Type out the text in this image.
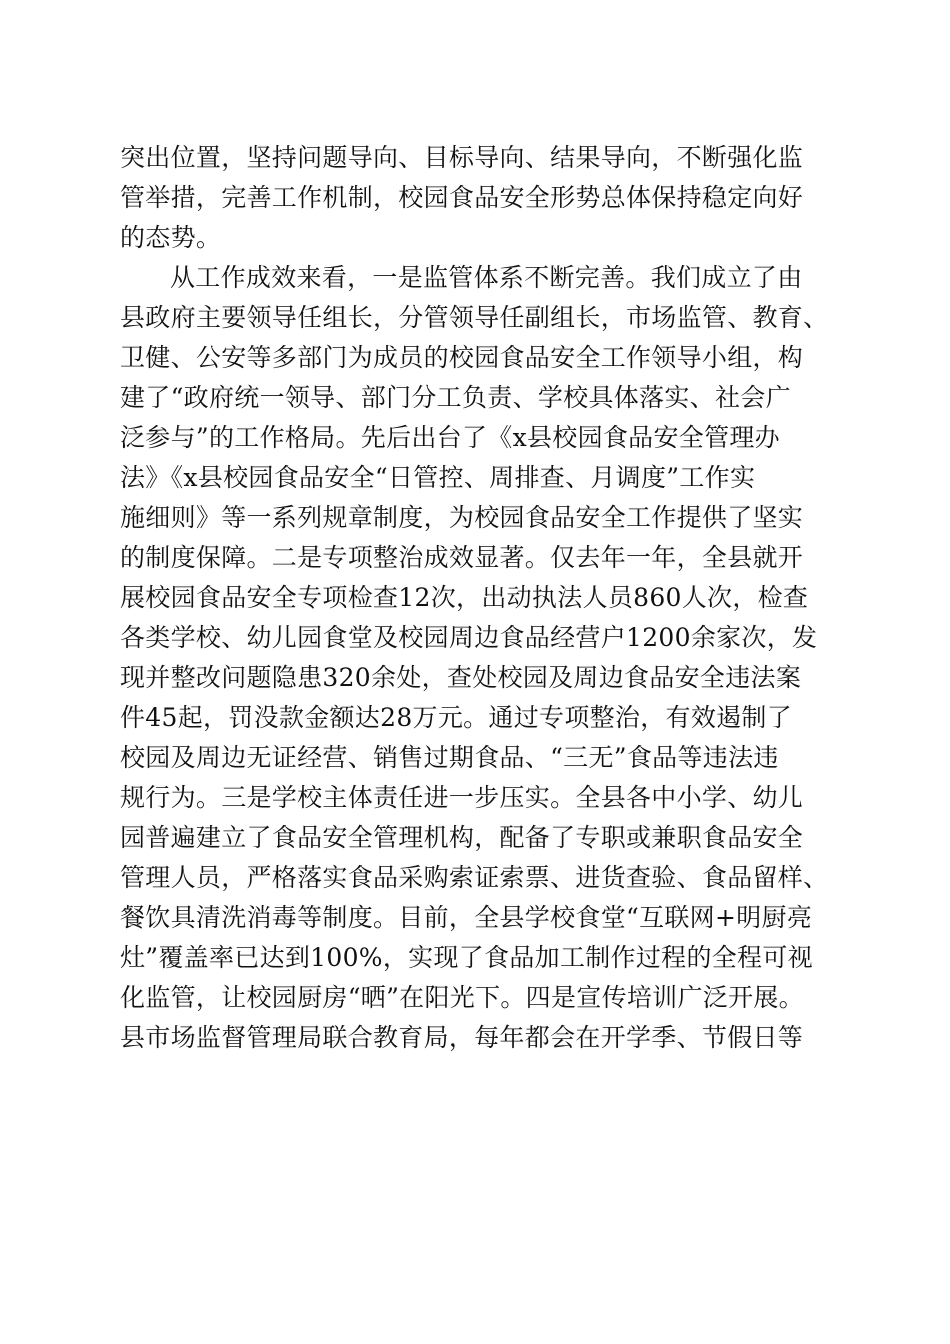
突出位置，坚持问题导向、目标导向、结果导向，不断强化监
管举措，完善工作机制，校园食品安全形势总体保持稳定向好
的态势。
从工作成效来看，一是监管体系不断完善。我们成立了由
县政府主要领导任组长，分管领导任副组长，市场监管、教育、
卫健、公安等多部门为成员的校园食品安全工作领导小组，构
建了“政府统一领导、部门分工负责、学校具体落实、社会广
泛参与”的工作格局。先后出台了《x县校园食品安全管理办
法》《x县校园食品安全“日管控、周排查、月调度”工作实
施细则》等一系列规章制度，为校园食品安全工作提供了坚实
的制度保障。二是专项整治成效显著。仅去年一年，全县就开
展校园食品安全专项检查12次，出动执法人员860人次，检查
各类学校、幼儿园食堂及校园周边食品经营户1200余家次，发
现并整改问题隐患320余处，查处校园及周边食品安全违法案
件45起，罚没款金额达28万元。通过专项整治，有效遏制了
校园及周边无证经营、销售过期食品、“三无”食品等违法违
规行为。三是学校主体责任进一步压实。全县各中小学、幼儿
园普遍建立了食品安全管理机构，配备了专职或兼职食品安全
管理人员，严格落实食品采购索证索票、进货查验、食品留样、
餐饮具清洗消毒等制度。目前，全县学校食堂“互联网+明厨亮
灶”覆盖率已达到100%，实现了食品加工制作过程的全程可视
化监管，让校园厨房“晒”在阳光下。四是宣传培训广泛开展。
县市场监督管理局联合教育局，每年都会在开学季、节假日等
